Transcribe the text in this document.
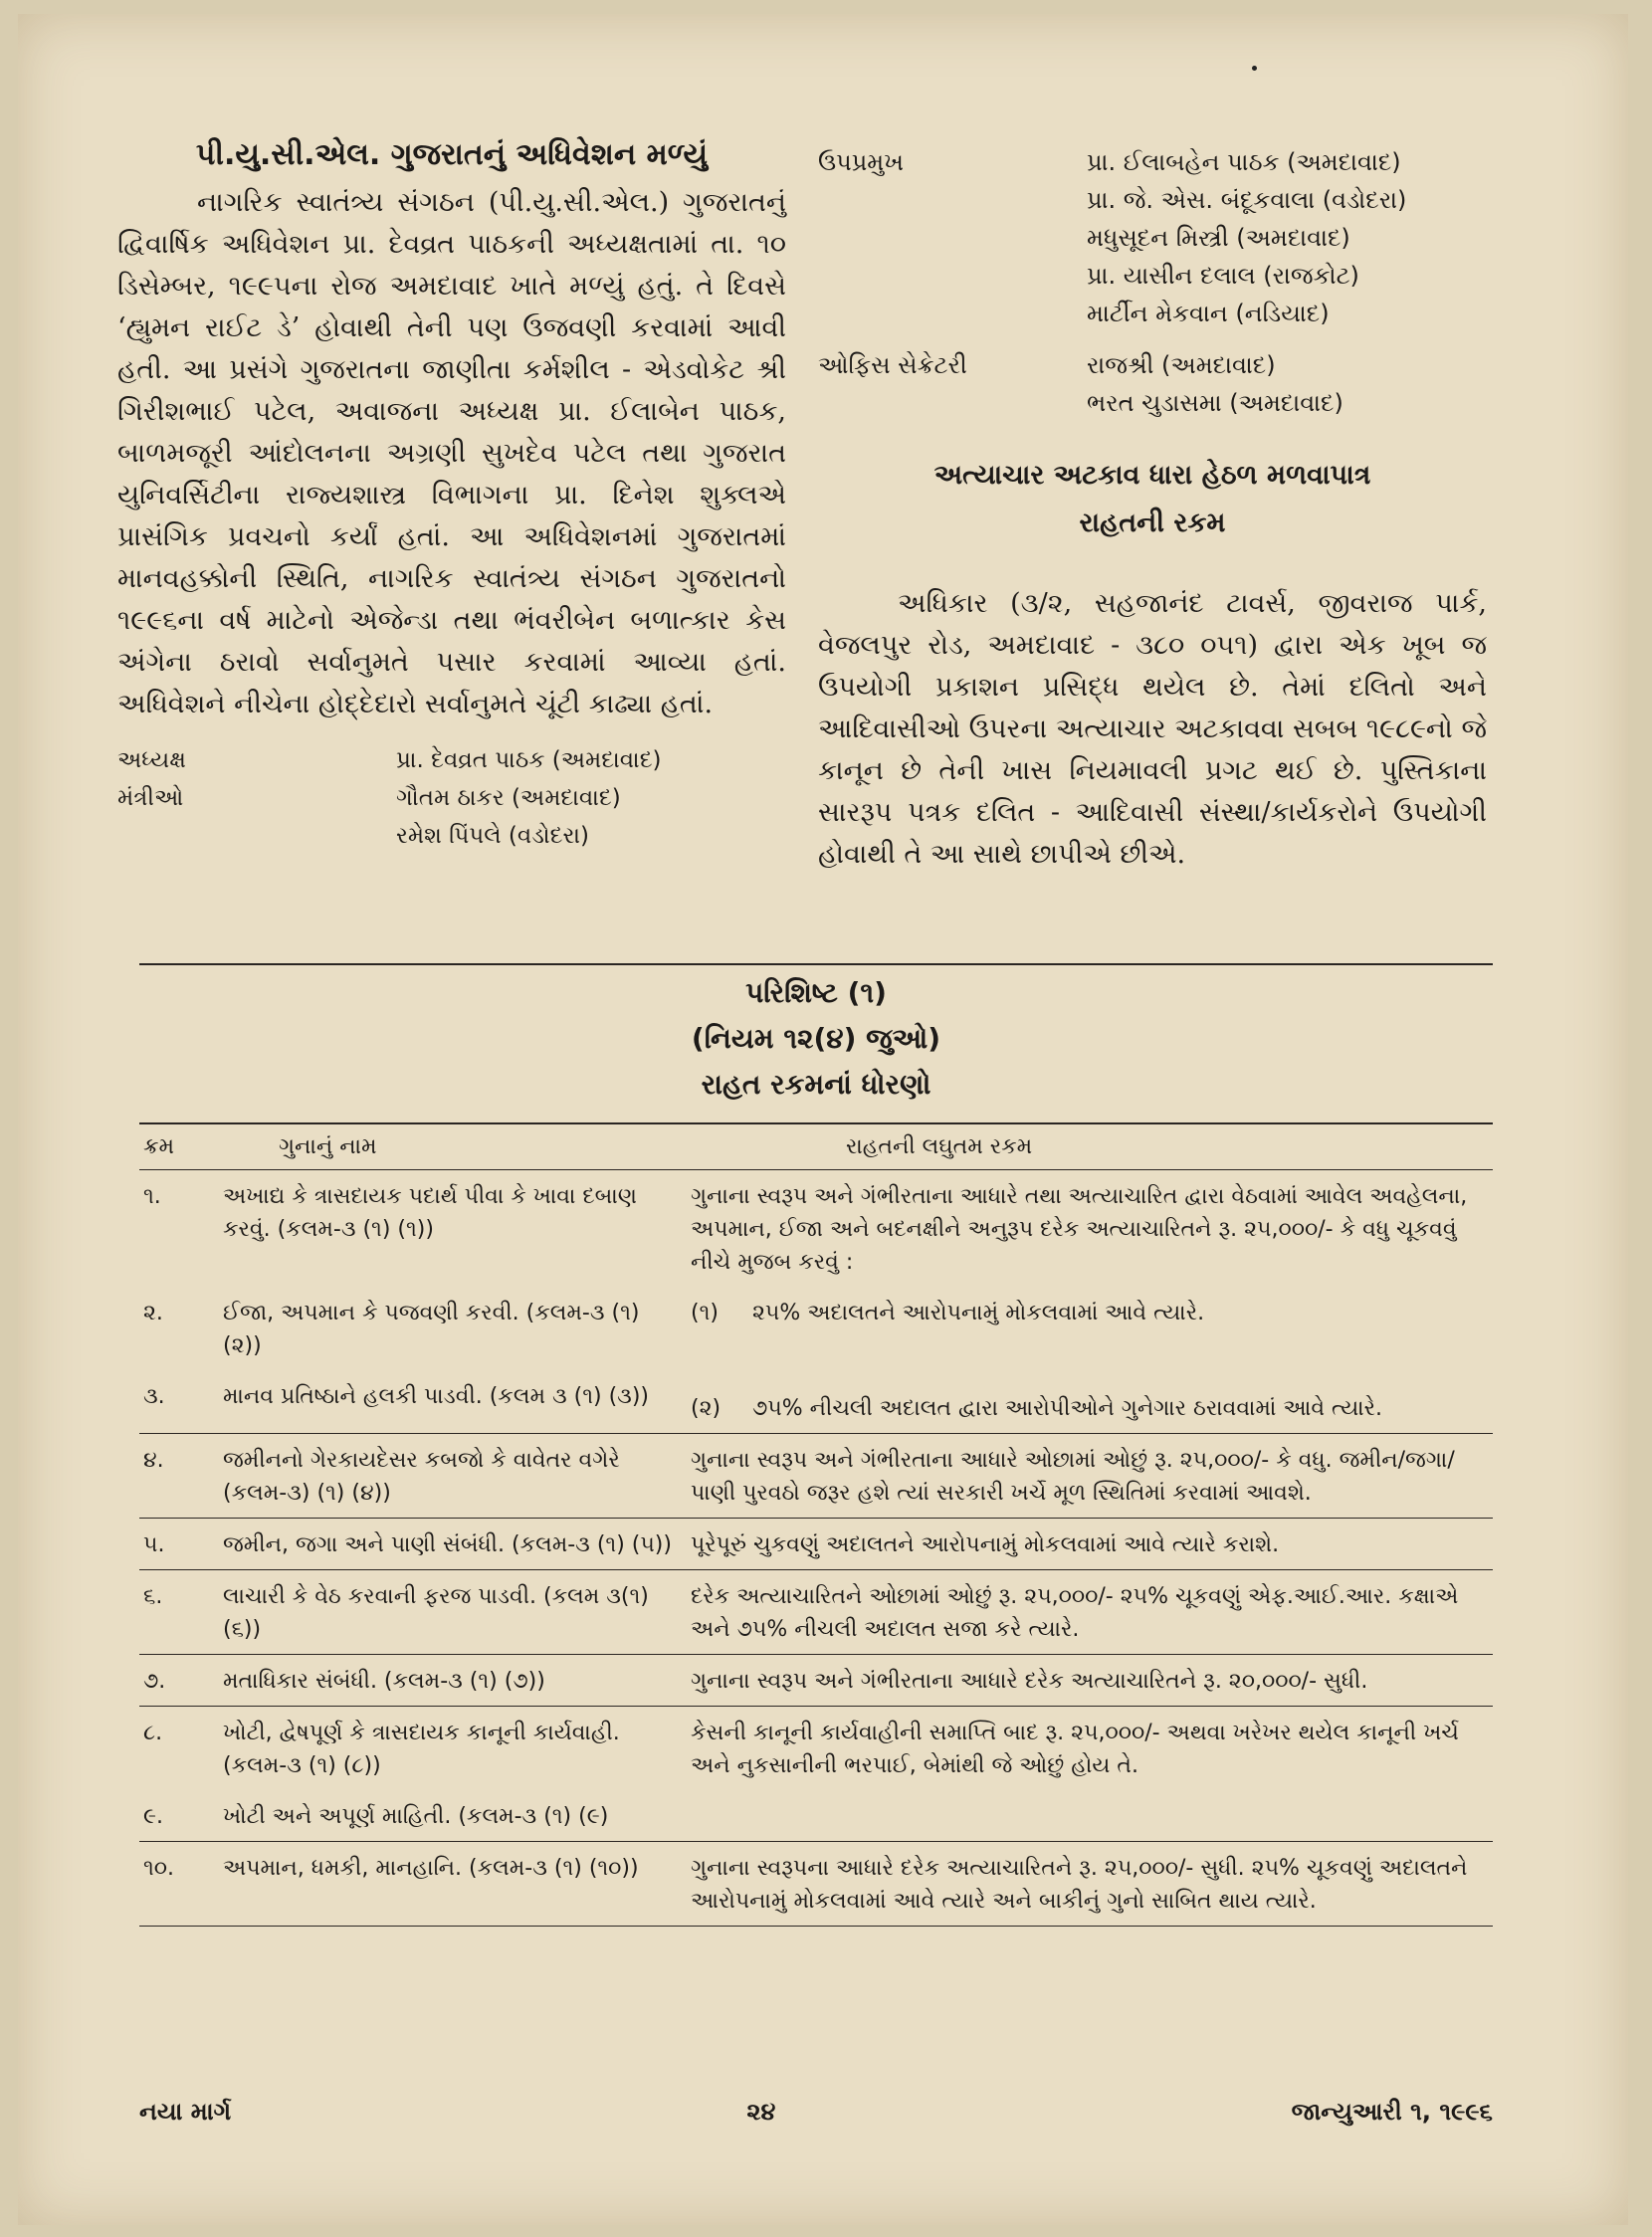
પી.યુ.સી.એલ. ગુજરાતનું અધિવેશન મળ્યું

નાગરિક સ્વાતંત્ર્ય સંગઠન (પી.યુ.સી.એલ.) ગુજરાતનું દ્વિવાર્ષિક અધિવેશન પ્રા. દેવવ્રત પાઠકની અધ્યક્ષતામાં તા. ૧૦ ડિસેમ્બર, ૧૯૯૫ના રોજ અમદાવાદ ખાતે મળ્યું હતું. તે દિવસે ‘હ્યુમન રાઈટ ડે’ હોવાથી તેની પણ ઉજવણી કરવામાં આવી હતી. આ પ્રસંગે ગુજરાતના જાણીતા કર્મશીલ - એડવોકેટ શ્રી ગિરીશભાઈ પટેલ, અવાજના અધ્યક્ષ પ્રા. ઈલાબેન પાઠક, બાળમજૂરી આંદોલનના અગ્રણી સુખદેવ પટેલ તથા ગુજરાત યુનિવર્સિટીના રાજ્યશાસ્ત્ર વિભાગના પ્રા. દિનેશ શુક્લએ પ્રાસંગિક પ્રવચનો કર્યાં હતાં. આ અધિવેશનમાં ગુજરાતમાં માનવહક્કોની સ્થિતિ, નાગરિક સ્વાતંત્ર્ય સંગઠન ગુજરાતનો ૧૯૯૬ના વર્ષ માટેનો એજેન્ડા તથા ભંવરીબેન બળાત્કાર કેસ અંગેના ઠરાવો સર્વાનુમતે પસાર કરવામાં આવ્યા હતાં. અધિવેશને નીચેના હોદ્દેદારો સર્વાનુમતે ચૂંટી કાઢ્યા હતાં.

અધ્યક્ષ	પ્રા. દેવવ્રત પાઠક (અમદાવાદ)
મંત્રીઓ	ગૌતમ ઠાકર (અમદાવાદ)
રમેશ પિંપલે (વડોદરા)
ઉપપ્રમુખ	પ્રા. ઈલાબહેન પાઠક (અમદાવાદ)
પ્રા. જે. એસ. બંદૂકવાલા (વડોદરા)
મધુસૂદન મિસ્ત્રી (અમદાવાદ)
પ્રા. યાસીન દલાલ (રાજકોટ)
માર્ટીન મેકવાન (નડિયાદ)
ઓફિસ સેક્રેટરી	રાજશ્રી (અમદાવાદ)
ભરત ચુડાસમા (અમદાવાદ)
અત્યાચાર અટકાવ ધારા હેઠળ મળવાપાત્ર
રાહતની રકમ

અધિકાર (૩/૨, સહજાનંદ ટાવર્સ, જીવરાજ પાર્ક, વેજલપુર રોડ, અમદાવાદ - ૩૮૦ ૦૫૧) દ્વારા એક ખૂબ જ ઉપયોગી પ્રકાશન પ્રસિદ્ધ થયેલ છે. તેમાં દલિતો અને આદિવાસીઓ ઉપરના અત્યાચાર અટકાવવા સબબ ૧૯૮૯નો જે કાનૂન છે તેની ખાસ નિયમાવલી પ્રગટ થઈ છે. પુસ્તિકાના સારરૂપ પત્રક દલિત - આદિવાસી સંસ્થા/કાર્યકરોને ઉપયોગી હોવાથી તે આ સાથે છાપીએ છીએ.

પરિશિષ્ટ (૧)
(નિયમ ૧૨(૪) જુઓ)
રાહત રકમનાં ધોરણો
ક્રમ	ગુનાનું નામ	રાહતની લઘુતમ રકમ
૧.	અખાદ્ય કે ત્રાસદાયક પદાર્થ પીવા કે ખાવા દબાણ કરવું. (કલમ-૩ (૧) (૧))	ગુનાના સ્વરૂપ અને ગંભીરતાના આધારે તથા અત્યાચારિત દ્વારા વેઠવામાં આવેલ અવહેલના, અપમાન, ઈજા અને બદનક્ષીને અનુરૂપ દરેક અત્યાચારિતને રૂ. ૨૫,૦૦૦/- કે વધુ ચૂકવવું નીચે મુજબ કરવું :
૨.	ઈજા, અપમાન કે પજવણી કરવી. (કલમ-૩ (૧) (૨))	(૧) ૨૫% અદાલતને આરોપનામું મોકલવામાં આવે ત્યારે.

૩.	માનવ પ્રતિષ્ઠાને હલકી પાડવી. (કલમ ૩ (૧) (૩))	(૨) ૭૫% નીચલી અદાલત દ્વારા આરોપીઓને ગુનેગાર ઠરાવવામાં આવે ત્યારે.

૪.	જમીનનો ગેરકાયદેસર કબજો કે વાવેતર વગેરે (કલમ-૩) (૧) (૪))	ગુનાના સ્વરૂપ અને ગંભીરતાના આધારે ઓછામાં ઓછું રૂ. ૨૫,૦૦૦/- કે વધુ. જમીન/જગા/ પાણી પુરવઠો જરૂર હશે ત્યાં સરકારી ખર્ચે મૂળ સ્થિતિમાં કરવામાં આવશે.
૫.	જમીન, જગા અને પાણી સંબંધી. (કલમ-૩ (૧) (૫))	પૂરેપૂરું ચુકવણું અદાલતને આરોપનામું મોકલવામાં આવે ત્યારે કરાશે.
૬.	લાચારી કે વેઠ કરવાની ફરજ પાડવી. (કલમ ૩(૧) (૬))	દરેક અત્યાચારિતને ઓછામાં ઓછું રૂ. ૨૫,૦૦૦/- ૨૫% ચૂકવણું એફ.આઈ.આર. કક્ષાએ અને ૭૫% નીચલી અદાલત સજા કરે ત્યારે.
૭.	મતાધિકાર સંબંધી. (કલમ-૩ (૧) (૭))	ગુનાના સ્વરૂપ અને ગંભીરતાના આધારે દરેક અત્યાચારિતને રૂ. ૨૦,૦૦૦/- સુધી.
૮.	ખોટી, દ્વેષપૂર્ણ કે ત્રાસદાયક કાનૂની કાર્યવાહી. (કલમ-૩ (૧) (૮))	કેસની કાનૂની કાર્યવાહીની સમાપ્તિ બાદ રૂ. ૨૫,૦૦૦/- અથવા ખરેખર થયેલ કાનૂની ખર્ચ અને નુકસાનીની ભરપાઈ, બેમાંથી જે ઓછું હોય તે.
૯.	ખોટી અને અપૂર્ણ માહિતી. (કલમ-૩ (૧) (૯)	
૧૦.	અપમાન, ધમકી, માનહાનિ. (કલમ-૩ (૧) (૧૦))	ગુનાના સ્વરૂપના આધારે દરેક અત્યાચારિતને રૂ. ૨૫,૦૦૦/- સુધી. ૨૫% ચૂકવણું અદાલતને આરોપનામું મોકલવામાં આવે ત્યારે અને બાકીનું ગુનો સાબિત થાય ત્યારે.
નયા માર્ગ	૨૪	જાન્યુઆરી ૧, ૧૯૯૬
